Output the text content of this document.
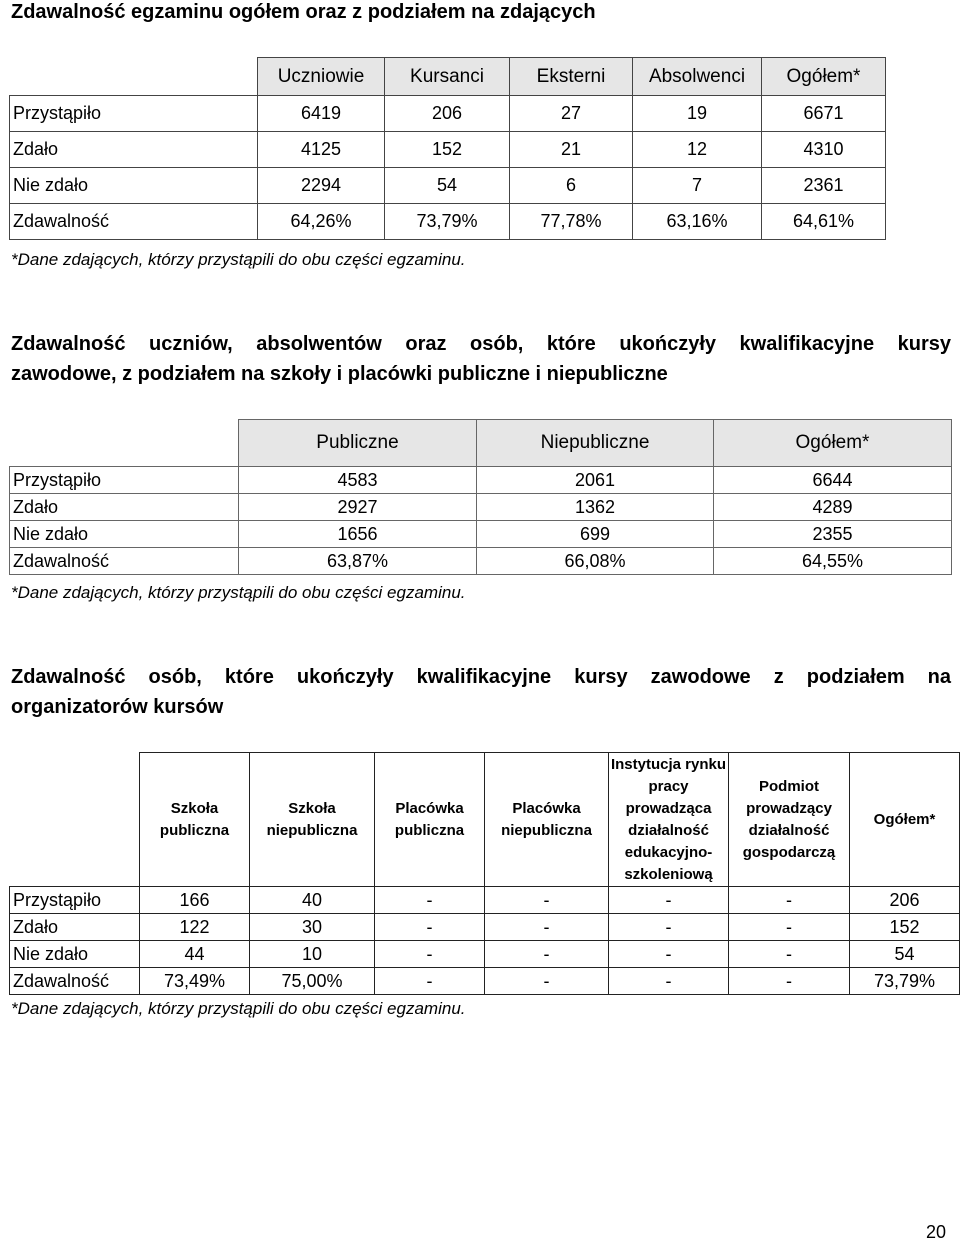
Zdawalność egzaminu ogółem oraz z podziałem na zdających
	Uczniowie	Kursanci	Eksterni	Absolwenci	Ogółem*
Przystąpiło	6419	206	27	19	6671
Zdało	4125	152	21	12	4310
Nie zdało	2294	54	6	7	2361
Zdawalność	64,26%	73,79%	77,78%	63,16%	64,61%

*Dane zdających, którzy przystąpili do obu części egzaminu.

Zdawalność uczniów, absolwentów oraz osób, które ukończyły kwalifikacyjne kursy
zawodowe, z podziałem na szkoły i placówki publiczne i niepubliczne
	Publiczne	Niepubliczne	Ogółem*
Przystąpiło	4583	2061	6644
Zdało	2927	1362	4289
Nie zdało	1656	699	2355
Zdawalność	63,87%	66,08%	64,55%

*Dane zdających, którzy przystąpili do obu części egzaminu.

Zdawalność osób, które ukończyły kwalifikacyjne kursy zawodowe z podziałem na
organizatorów kursów
	Szkoła publiczna	Szkoła niepubliczna	Placówka publiczna	Placówka niepubliczna	Instytucja rynku pracy prowadząca działalność edukacyjno-szkoleniową	Podmiot prowadzący działalność gospodarczą	Ogółem*
Przystąpiło	166	40	-	-	-	-	206
Zdało	122	30	-	-	-	-	152
Nie zdało	44	10	-	-	-	-	54
Zdawalność	73,49%	75,00%	-	-	-	-	73,79%

*Dane zdających, którzy przystąpili do obu części egzaminu.

20
